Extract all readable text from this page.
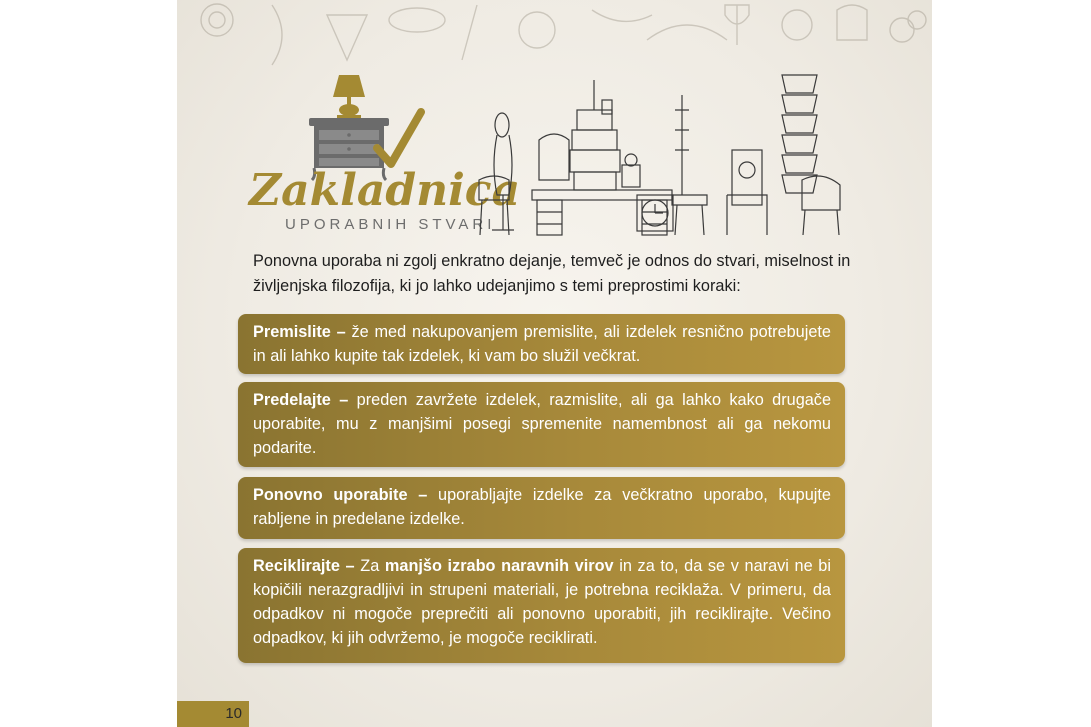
Zakladnica
UPORABNIH STVARI
Ponovna uporaba ni zgolj enkratno dejanje, temveč je odnos do stvari, miselnost in življenjska filozofija, ki jo lahko udejanjimo s temi preprostimi koraki:
Premislite – že med nakupovanjem premislite, ali izdelek resnično potrebujete in ali lahko kupite tak izdelek, ki vam bo služil večkrat.
Predelajte – preden zavržete izdelek, razmislite, ali ga lahko kako drugače uporabite, mu z manjšimi posegi spremenite namembnost ali ga nekomu podarite.
Ponovno uporabite – uporabljajte izdelke za večkratno uporabo, kupujte rabljene in predelane izdelke.
Reciklirajte – Za manjšo izrabo naravnih virov in za to, da se v naravi ne bi kopičili nerazgradljivi in strupeni materiali, je potrebna reciklaža. V primeru, da odpadkov ni mogoče preprečiti ali ponovno uporabiti, jih reciklirajte. Večino odpadkov, ki jih odvržemo, je mogoče reciklirati.
10
